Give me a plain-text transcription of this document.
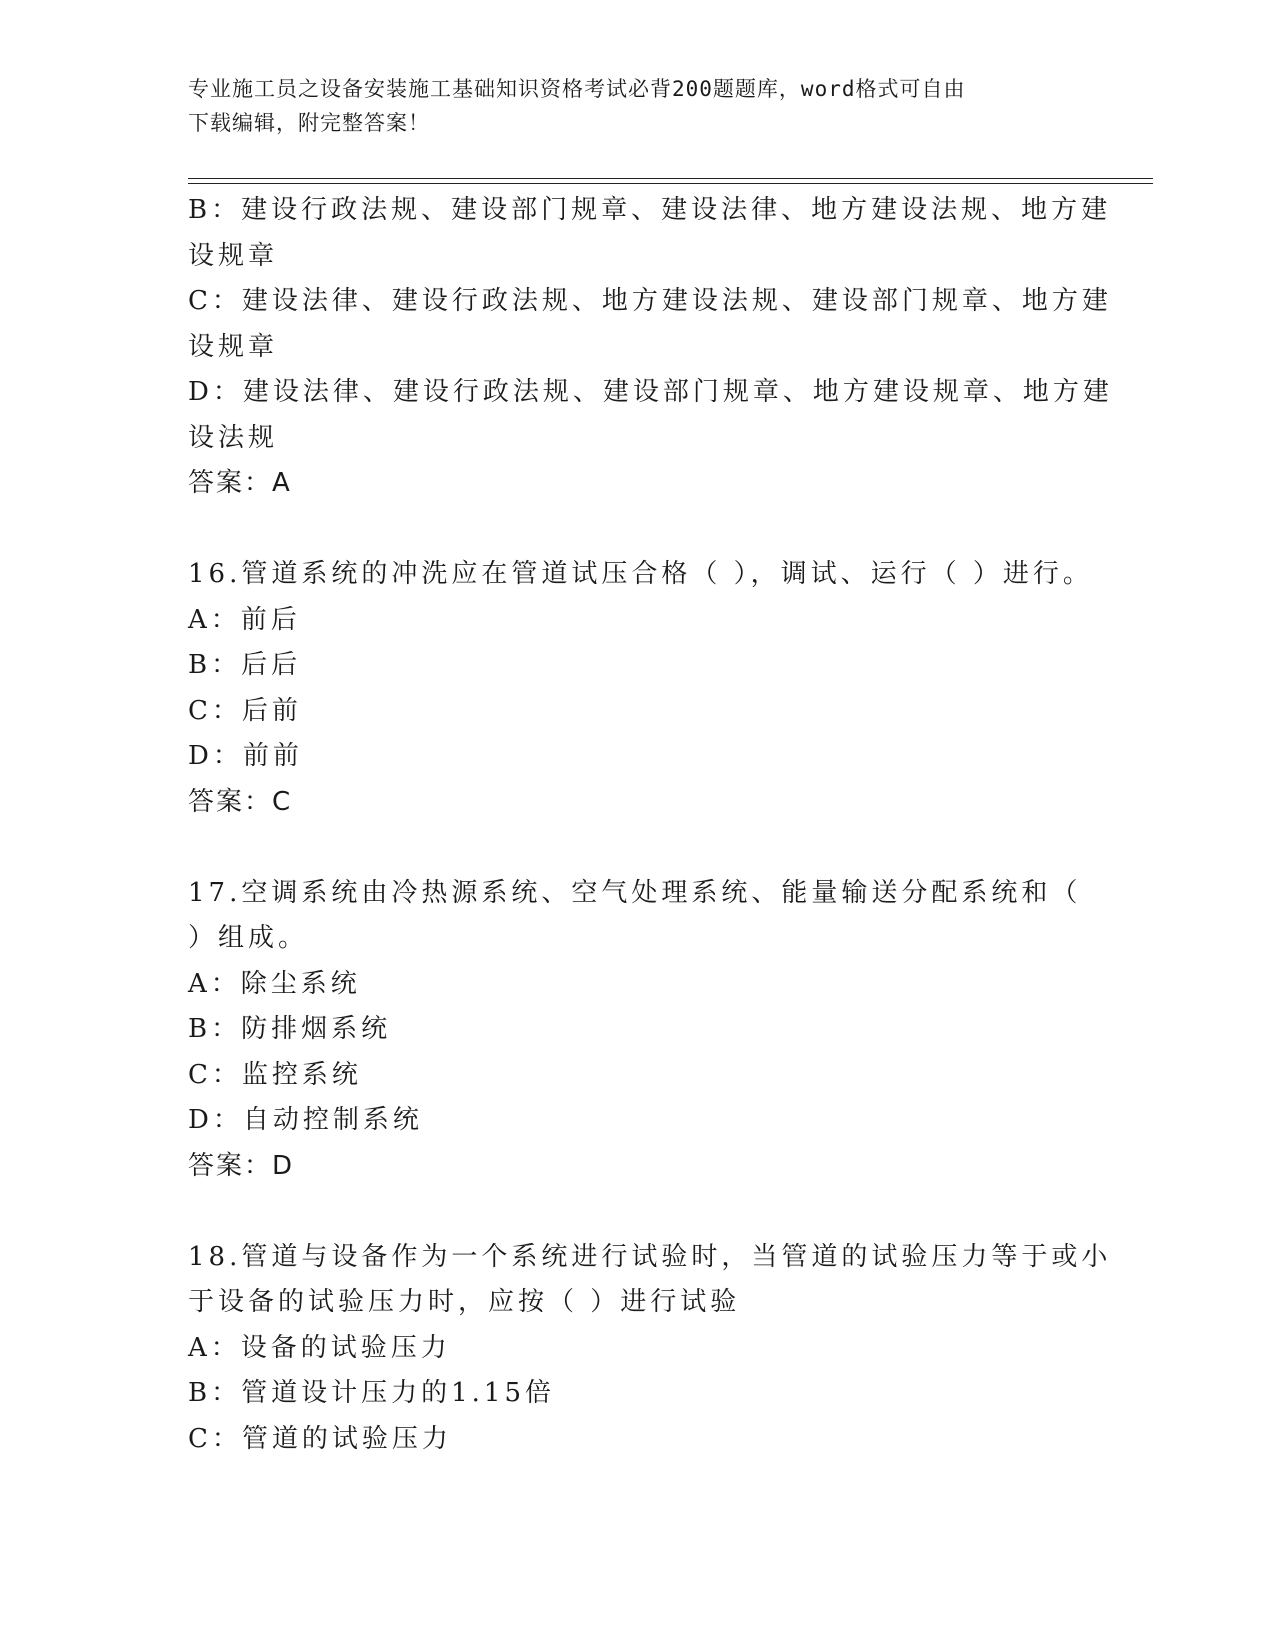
专业施工员之设备安装施工基础知识资格考试必背200题题库，word格式可自由
下载编辑，附完整答案！
B：建设行政法规、建设部门规章、建设法律、地方建设法规、地方建
设规章
C：建设法律、建设行政法规、地方建设法规、建设部门规章、地方建
设规章
D：建设法律、建设行政法规、建设部门规章、地方建设规章、地方建
设法规
答案：A
16.管道系统的冲洗应在管道试压合格（ ），调试、运行（ ）进行。
A：前后
B：后后
C：后前
D：前前
答案：C
17.空调系统由冷热源系统、空气处理系统、能量输送分配系统和（
）组成。
A：除尘系统
B：防排烟系统
C：监控系统
D：自动控制系统
答案：D
18.管道与设备作为一个系统进行试验时，当管道的试验压力等于或小
于设备的试验压力时，应按（ ）进行试验
A：设备的试验压力
B：管道设计压力的1.15倍
C：管道的试验压力
